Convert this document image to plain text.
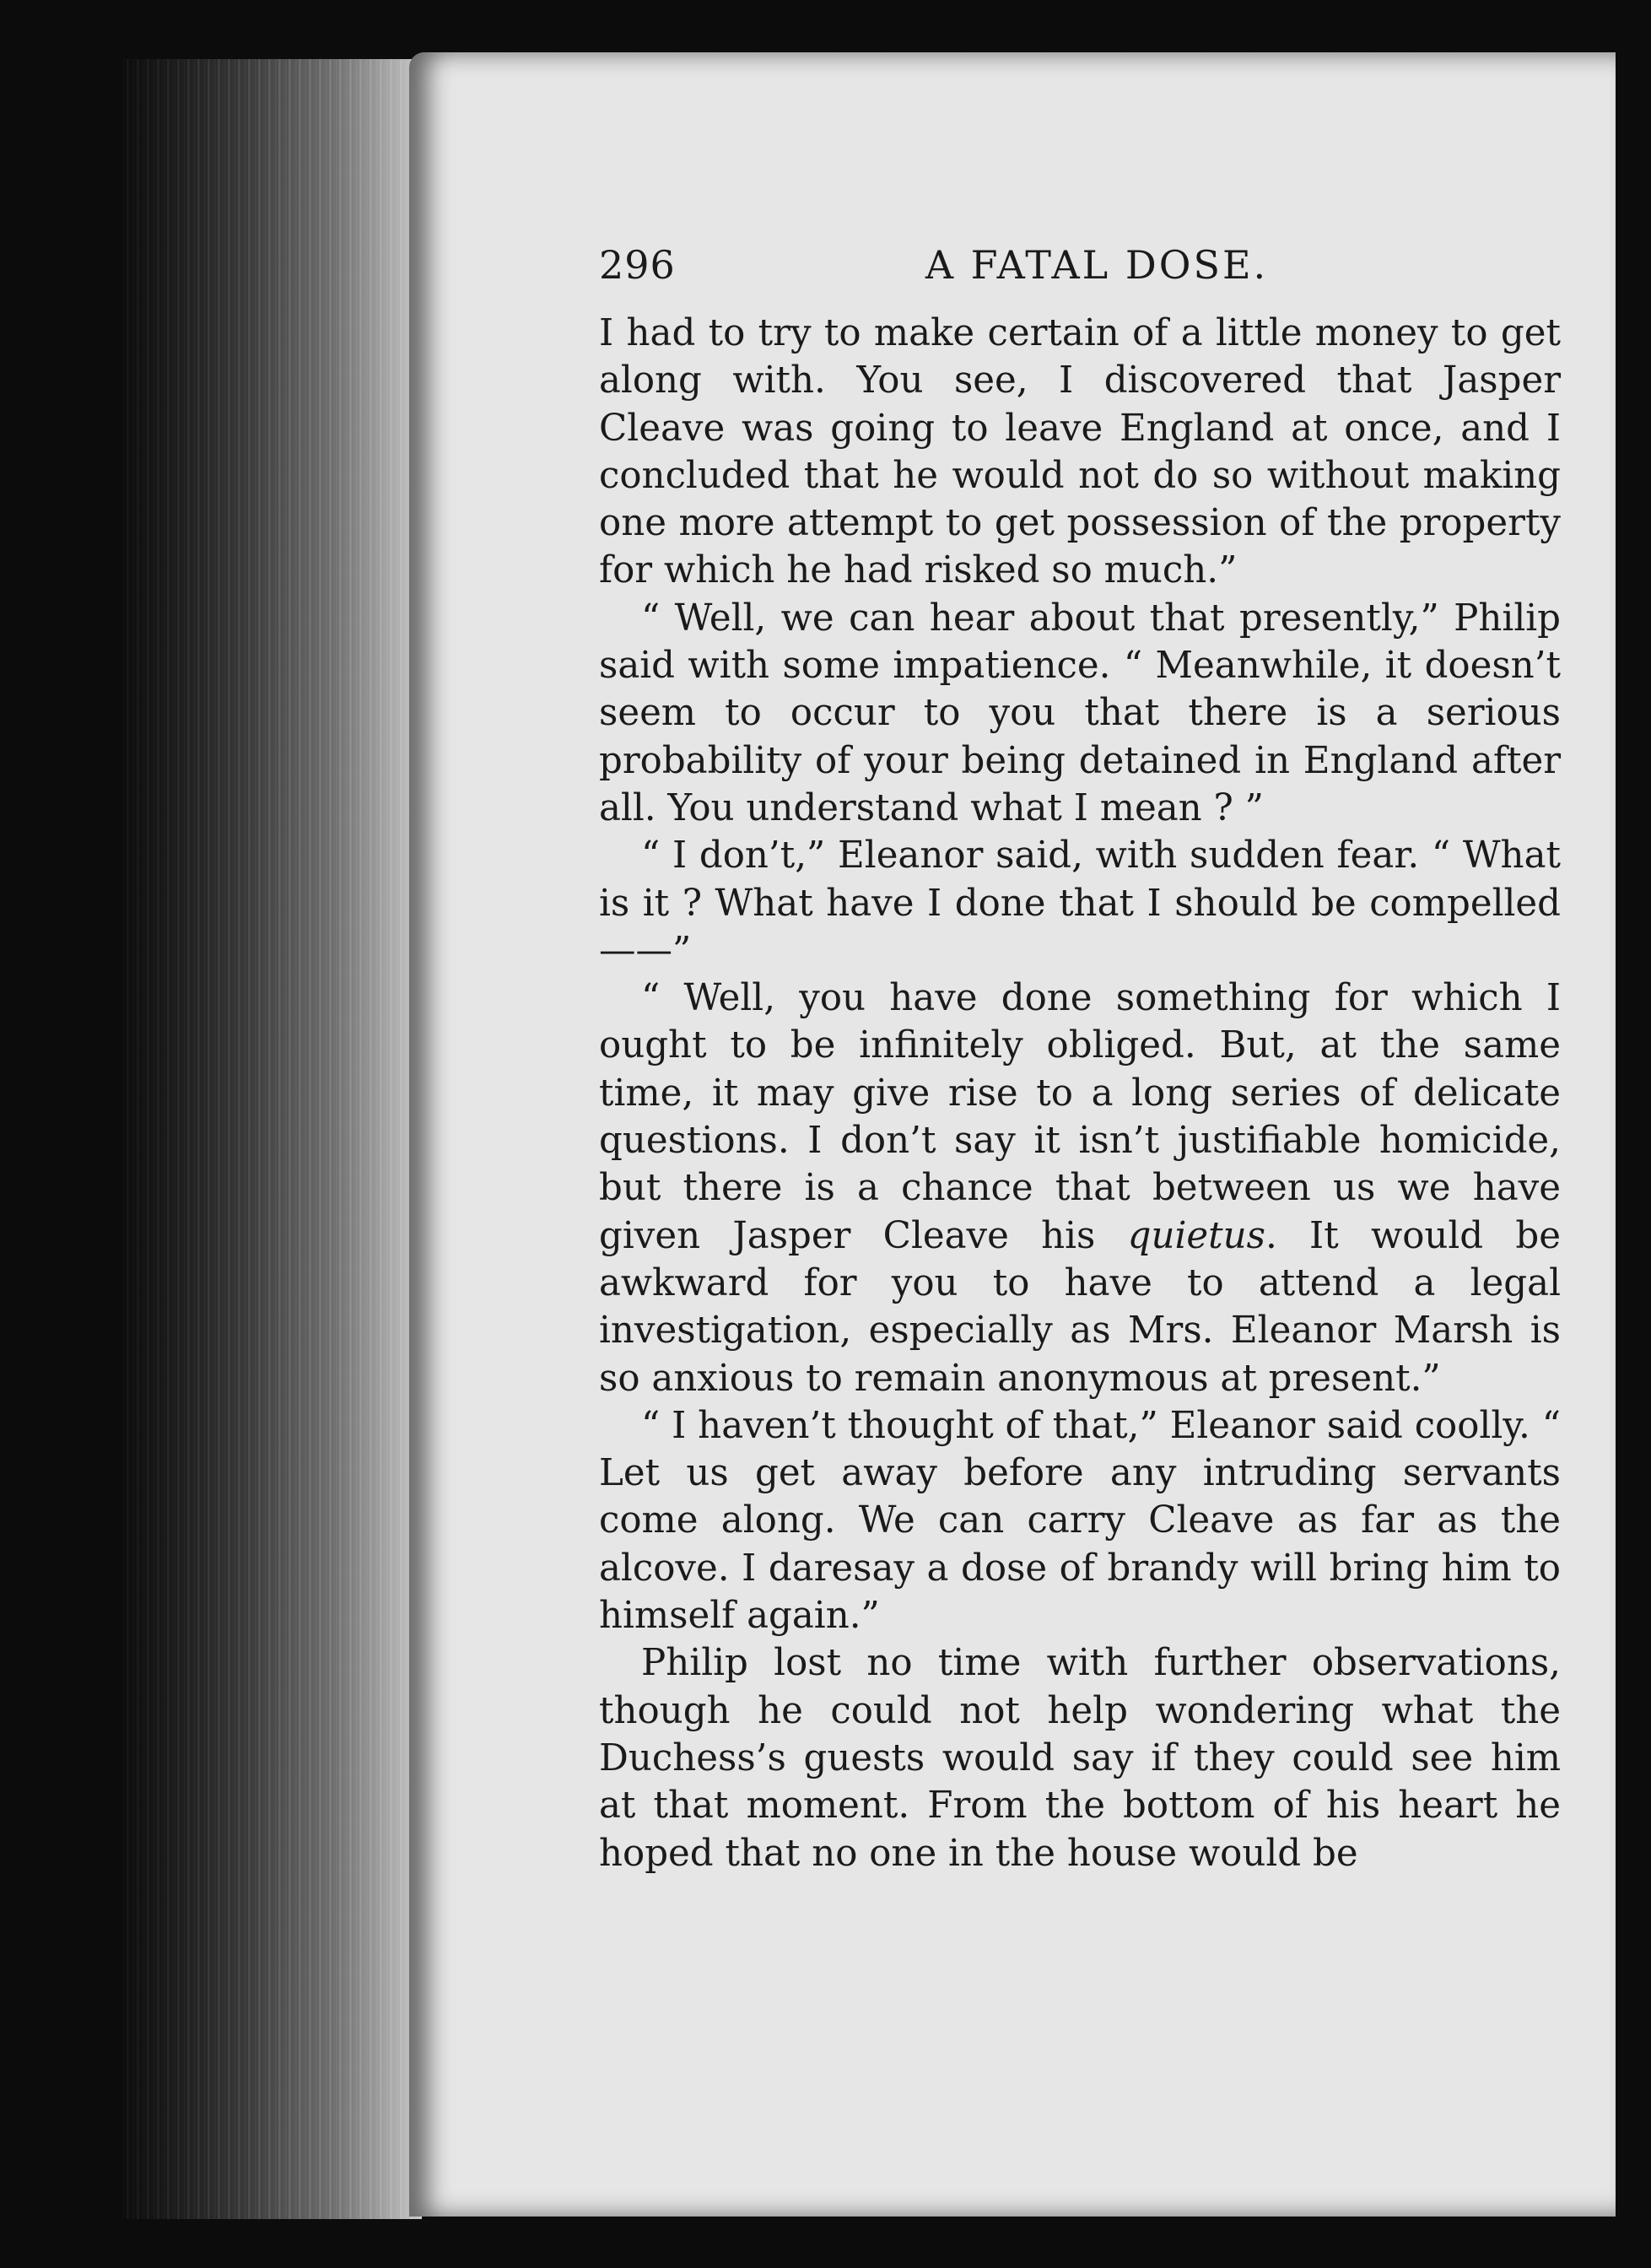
296	A FATAL DOSE.

I had to try to make certain of a little money to get along with. You see, I discovered that Jasper Cleave was going to leave England at once, and I concluded that he would not do so without making one more attempt to get possession of the property for which he had risked so much.”

“ Well, we can hear about that presently,” Philip said with some impatience. “ Meanwhile, it doesn’t seem to occur to you that there is a serious probability of your being detained in England after all. You understand what I mean ? ”

“ I don’t,” Eleanor said, with sudden fear. “ What is it ? What have I done that I should be compelled——”

“ Well, you have done something for which I ought to be infinitely obliged. But, at the same time, it may give rise to a long series of delicate questions. I don’t say it isn’t justifiable homicide, but there is a chance that between us we have given Jasper Cleave his quietus. It would be awkward for you to have to attend a legal investigation, especially as Mrs. Eleanor Marsh is so anxious to remain anonymous at present.”

“ I haven’t thought of that,” Eleanor said coolly. “ Let us get away before any intruding servants come along. We can carry Cleave as far as the alcove. I daresay a dose of brandy will bring him to himself again.”

Philip lost no time with further observations, though he could not help wondering what the Duchess’s guests would say if they could see him at that moment. From the bottom of his heart he hoped that no one in the house would be
